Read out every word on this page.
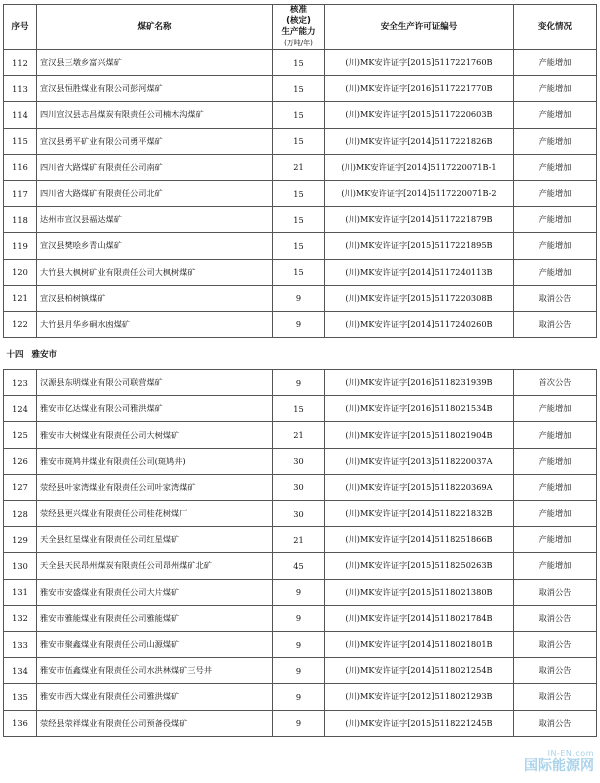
序号	煤矿名称	核准
(核定)
生产能力
(万吨/年)	安全生产许可证编号	变化情况
112	宣汉县三墩乡富兴煤矿	15	(川)MK安许证字[2015]5117221760B	产能增加
113	宣汉县恒胜煤业有限公司彭河煤矿	15	(川)MK安许证字[2016]5117221770B	产能增加
114	四川宣汉县志昌煤炭有限责任公司楠木沟煤矿	15	(川)MK安许证字[2015]5117220603B	产能增加
115	宣汉县勇平矿业有限公司勇平煤矿	15	(川)MK安许证字[2014]5117221826B	产能增加
116	四川省大路煤矿有限责任公司南矿	21	(川)MK安许证字[2014]5117220071B-1	产能增加
117	四川省大路煤矿有限责任公司北矿	15	(川)MK安许证字[2014]5117220071B-2	产能增加
118	达州市宣汉县福达煤矿	15	(川)MK安许证字[2014]5117221879B	产能增加
119	宣汉县樊哙乡青山煤矿	15	(川)MK安许证字[2015]5117221895B	产能增加
120	大竹县大枫树矿业有限责任公司大枫树煤矿	15	(川)MK安许证字[2014]5117240113B	产能增加
121	宣汉县柏树镇煤矿	9	(川)MK安许证字[2015]5117220308B	取消公告
122	大竹县月华乡硐水凼煤矿	9	(川)MK安许证字[2014]5117240260B	取消公告
十四 雅安市				
123	汉源县东明煤业有限公司联营煤矿	9	(川)MK安许证字[2016]5118231939B	首次公告
124	雅安市亿达煤业有限公司雅洪煤矿	15	(川)MK安许证字[2016]5118021534B	产能增加
125	雅安市大树煤业有限责任公司大树煤矿	21	(川)MK安许证字[2015]5118021904B	产能增加
126	雅安市斑鸠井煤业有限责任公司(斑鸠井)	30	(川)MK安许证字[2013]5118220037A	产能增加
127	荥经县叶家湾煤业有限责任公司叶家湾煤矿	30	(川)MK安许证字[2015]5118220369A	产能增加
128	荥经县更兴煤业有限责任公司桂花树煤厂	30	(川)MK安许证字[2014]5118221832B	产能增加
129	天全县红星煤业有限责任公司红星煤矿	21	(川)MK安许证字[2014]5118251866B	产能增加
130	天全县天民昂州煤炭有限责任公司昂州煤矿北矿	45	(川)MK安许证字[2015]5118250263B	产能增加
131	雅安市安盛煤业有限责任公司大片煤矿	9	(川)MK安许证字[2015]5118021380B	取消公告
132	雅安市雅能煤业有限责任公司雅能煤矿	9	(川)MK安许证字[2014]5118021784B	取消公告
133	雅安市聚鑫煤业有限责任公司山源煤矿	9	(川)MK安许证字[2014]5118021801B	取消公告
134	雅安市伍鑫煤业有限责任公司水洪林煤矿三号井	9	(川)MK安许证字[2014]5118021254B	取消公告
135	雅安市西大煤业有限责任公司雅洪煤矿	9	(川)MK安许证字[2012]5118021293B	取消公告
136	荥经县荥祥煤业有限责任公司预备役煤矿	9	(川)MK安许证字[2015]5118221245B	取消公告
IN-EN.com
国际能源网
